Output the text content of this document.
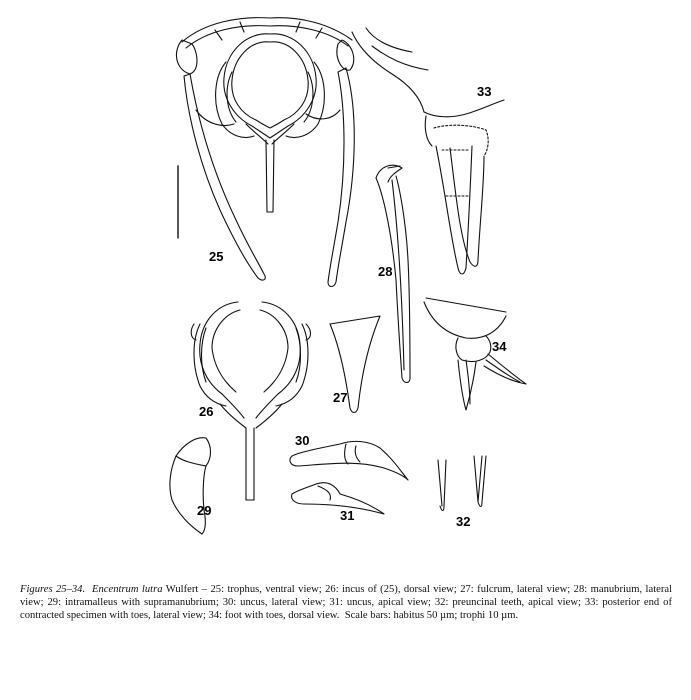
25
26
27
28
29
30
31	32
33
34

Figures 25–34. Encentrum lutra Wulfert – 25: trophus, ventral view; 26: incus of (25), dorsal view; 27: fulcrum, lateral view; 28: manubrium, lateral view; 29: intramalleus with supramanubrium; 30: uncus, lateral view; 31: uncus, apical view; 32: preuncinal teeth, apical view; 33: posterior end of contracted specimen with toes, lateral view; 34: foot with toes, dorsal view. Scale bars: habitus 50 µm; trophi 10 µm.
